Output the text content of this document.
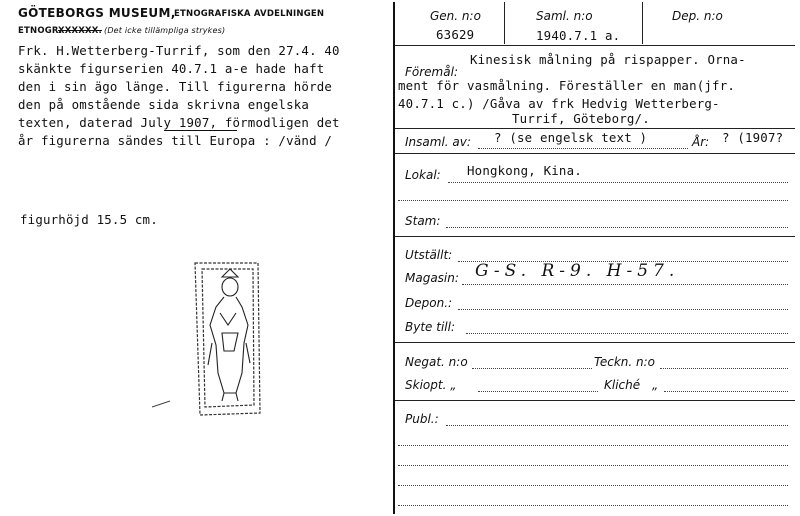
GÖTEBORGS MUSEUM,
ETNOGRAFISKA AVDELNINGEN
ETNOGR.
XXXXXX. (Det icke tillämpliga strykes)
Frk. H.Wetterberg-Turrif, som den 27.4. 40
skänkte figurserien 40.7.1 a-e hade haft
den i sin ägo länge. Till figurerna hörde
den på omstående sida skrivna engelska
texten, daterad July 1907, förmodligen det
år figurerna sändes till Europa : /vänd /
figurhöjd 15.5 cm.
Gen. n:o	Saml. n:o	Dep. n:o
63629	1940.7.1 a.
Föremål:
Kinesisk målning på rispapper. Orna-
ment för vasmålning. Föreställer en man(jfr.
40.7.1 c.) /Gåva av frk Hedvig Wetterberg-
Turrif, Göteborg/.
Insaml. av: ? (se engelsk text )	År: ? (1907?
Lokal: Hongkong, Kina.
Stam:
Utställt:
Magasin: G-S. R-9. H-57.
Depon.:
Byte till:
Negat. n:o	Teckn. n:o
Skiopt. „	Kliché „
Publ.:
